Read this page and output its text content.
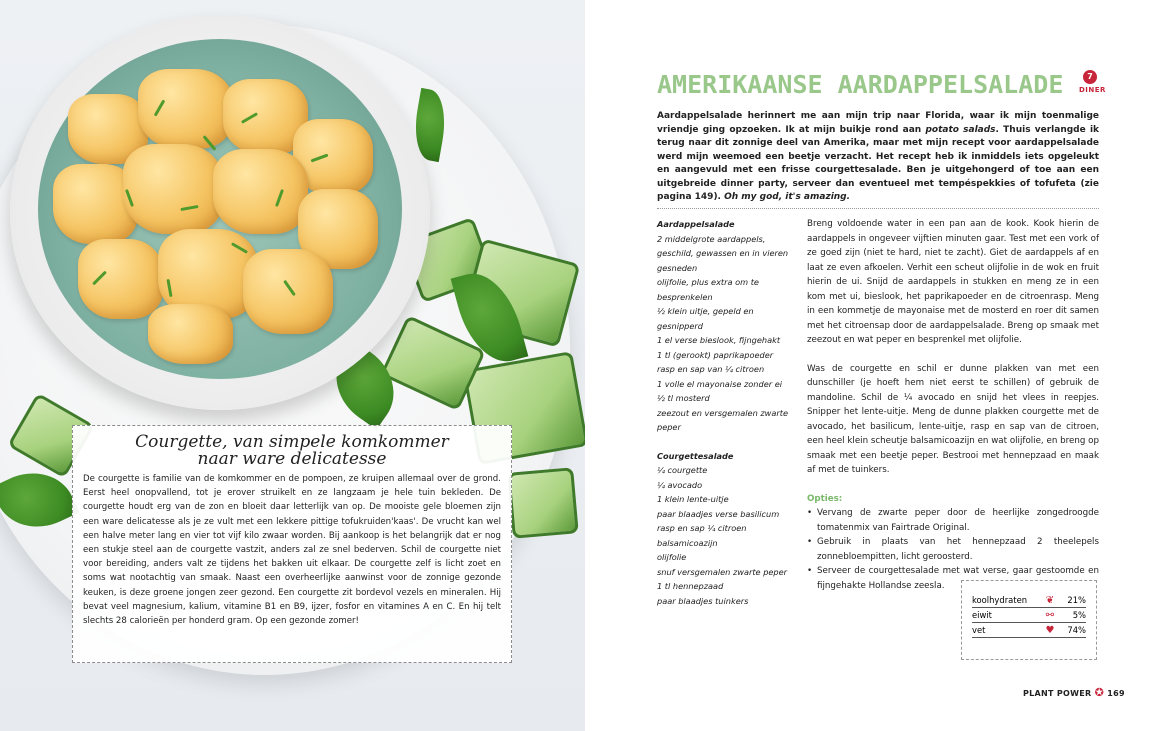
Courgette, van simpele komkommer
naar ware delicatesse

De courgette is familie van de komkommer en de pompoen, ze kruipen allemaal over de grond. Eerst heel onopvallend, tot je erover struikelt en ze langzaam je hele tuin bekleden. De courgette houdt erg van de zon en bloeit daar letterlijk van op. De mooiste gele bloemen zijn een ware delicatesse als je ze vult met een lekkere pittige tofukruiden'kaas'. De vrucht kan wel een halve meter lang en vier tot vijf kilo zwaar worden. Bij aankoop is het belangrijk dat er nog een stukje steel aan de courgette vastzit, anders zal ze snel bederven. Schil de courgette niet voor bereiding, anders valt ze tijdens het bakken uit elkaar. De courgette zelf is licht zoet en soms wat nootachtig van smaak. Naast een overheerlijke aanwinst voor de zonnige gezonde keuken, is deze groene jongen zeer gezond. Een courgette zit bordevol vezels en mineralen. Hij bevat veel magnesium, kalium, vitamine B1 en B9, ijzer, fosfor en vitamines A en C. En hij telt slechts 28 calorieën per honderd gram. Op een gezonde zomer!

AMERIKAANSE AARDAPPELSALADE	7
DINER
Aardappelsalade herinnert me aan mijn trip naar Florida, waar ik mijn toenmalige vriendje ging opzoeken. Ik at mijn buikje rond aan potato salads. Thuis verlangde ik terug naar dit zonnige deel van Amerika, maar met mijn recept voor aardappelsalade werd mijn weemoed een beetje verzacht. Het recept heb ik inmiddels iets opgeleukt en aangevuld met een frisse courgettesalade. Ben je uitgehongerd of toe aan een uitgebreide dinner party, serveer dan eventueel met tempéspekkies of tofufeta (zie pagina 149). Oh my god, it's amazing.
Aardappelsalade
2 middelgrote aardappels,
geschild, gewassen en in vieren
gesneden
olijfolie, plus extra om te
besprenkelen
½ klein uitje, gepeld en
gesnipperd
1 el verse bieslook, fijngehakt
1 tl (gerookt) paprikapoeder
rasp en sap van ¼ citroen
1 volle el mayonaise zonder ei
½ tl mosterd
zeezout en versgemalen zwarte
peper
Courgettesalade
¼ courgette
¼ avocado
1 klein lente-uitje
paar blaadjes verse basilicum
rasp en sap ¼ citroen
balsamicoazijn
olijfolie
snuf versgemalen zwarte peper
1 tl hennepzaad
paar blaadjes tuinkers

Breng voldoende water in een pan aan de kook. Kook hierin de aardappels in ongeveer vijftien minuten gaar. Test met een vork of ze goed zijn (niet te hard, niet te zacht). Giet de aardappels af en laat ze even afkoelen. Verhit een scheut olijfolie in de wok en fruit hierin de ui. Snijd de aardappels in stukken en meng ze in een kom met ui, bieslook, het paprikapoeder en de citroenrasp. Meng in een kommetje de mayonaise met de mosterd en roer dit samen met het citroensap door de aardappelsalade. Breng op smaak met zeezout en wat peper en besprenkel met olijfolie.

Was de courgette en schil er dunne plakken van met een dunschiller (je hoeft hem niet eerst te schillen) of gebruik de mandoline. Schil de ¼ avocado en snijd het vlees in reepjes. Snipper het lente-uitje. Meng de dunne plakken courgette met de avocado, het basilicum, lente-uitje, rasp en sap van de citroen, een heel klein scheutje balsamicoazijn en wat olijfolie, en breng op smaak met een beetje peper. Bestrooi met hennepzaad en maak af met de tuinkers.

Opties:
• Vervang de zwarte peper door de heerlijke zongedroogde tomatenmix van Fairtrade Original.
• Gebruik in plaats van het hennepzaad 2 theelepels zonnebloempitten, licht geroosterd.
• Serveer de courgettesalade met wat verse, gaar gestoomde en fijngehakte Hollandse zeesla.
koolhydraten	❦	21%
eiwit	⚯	5%
vet	♥	74%
PLANT POWER ✪ 169
